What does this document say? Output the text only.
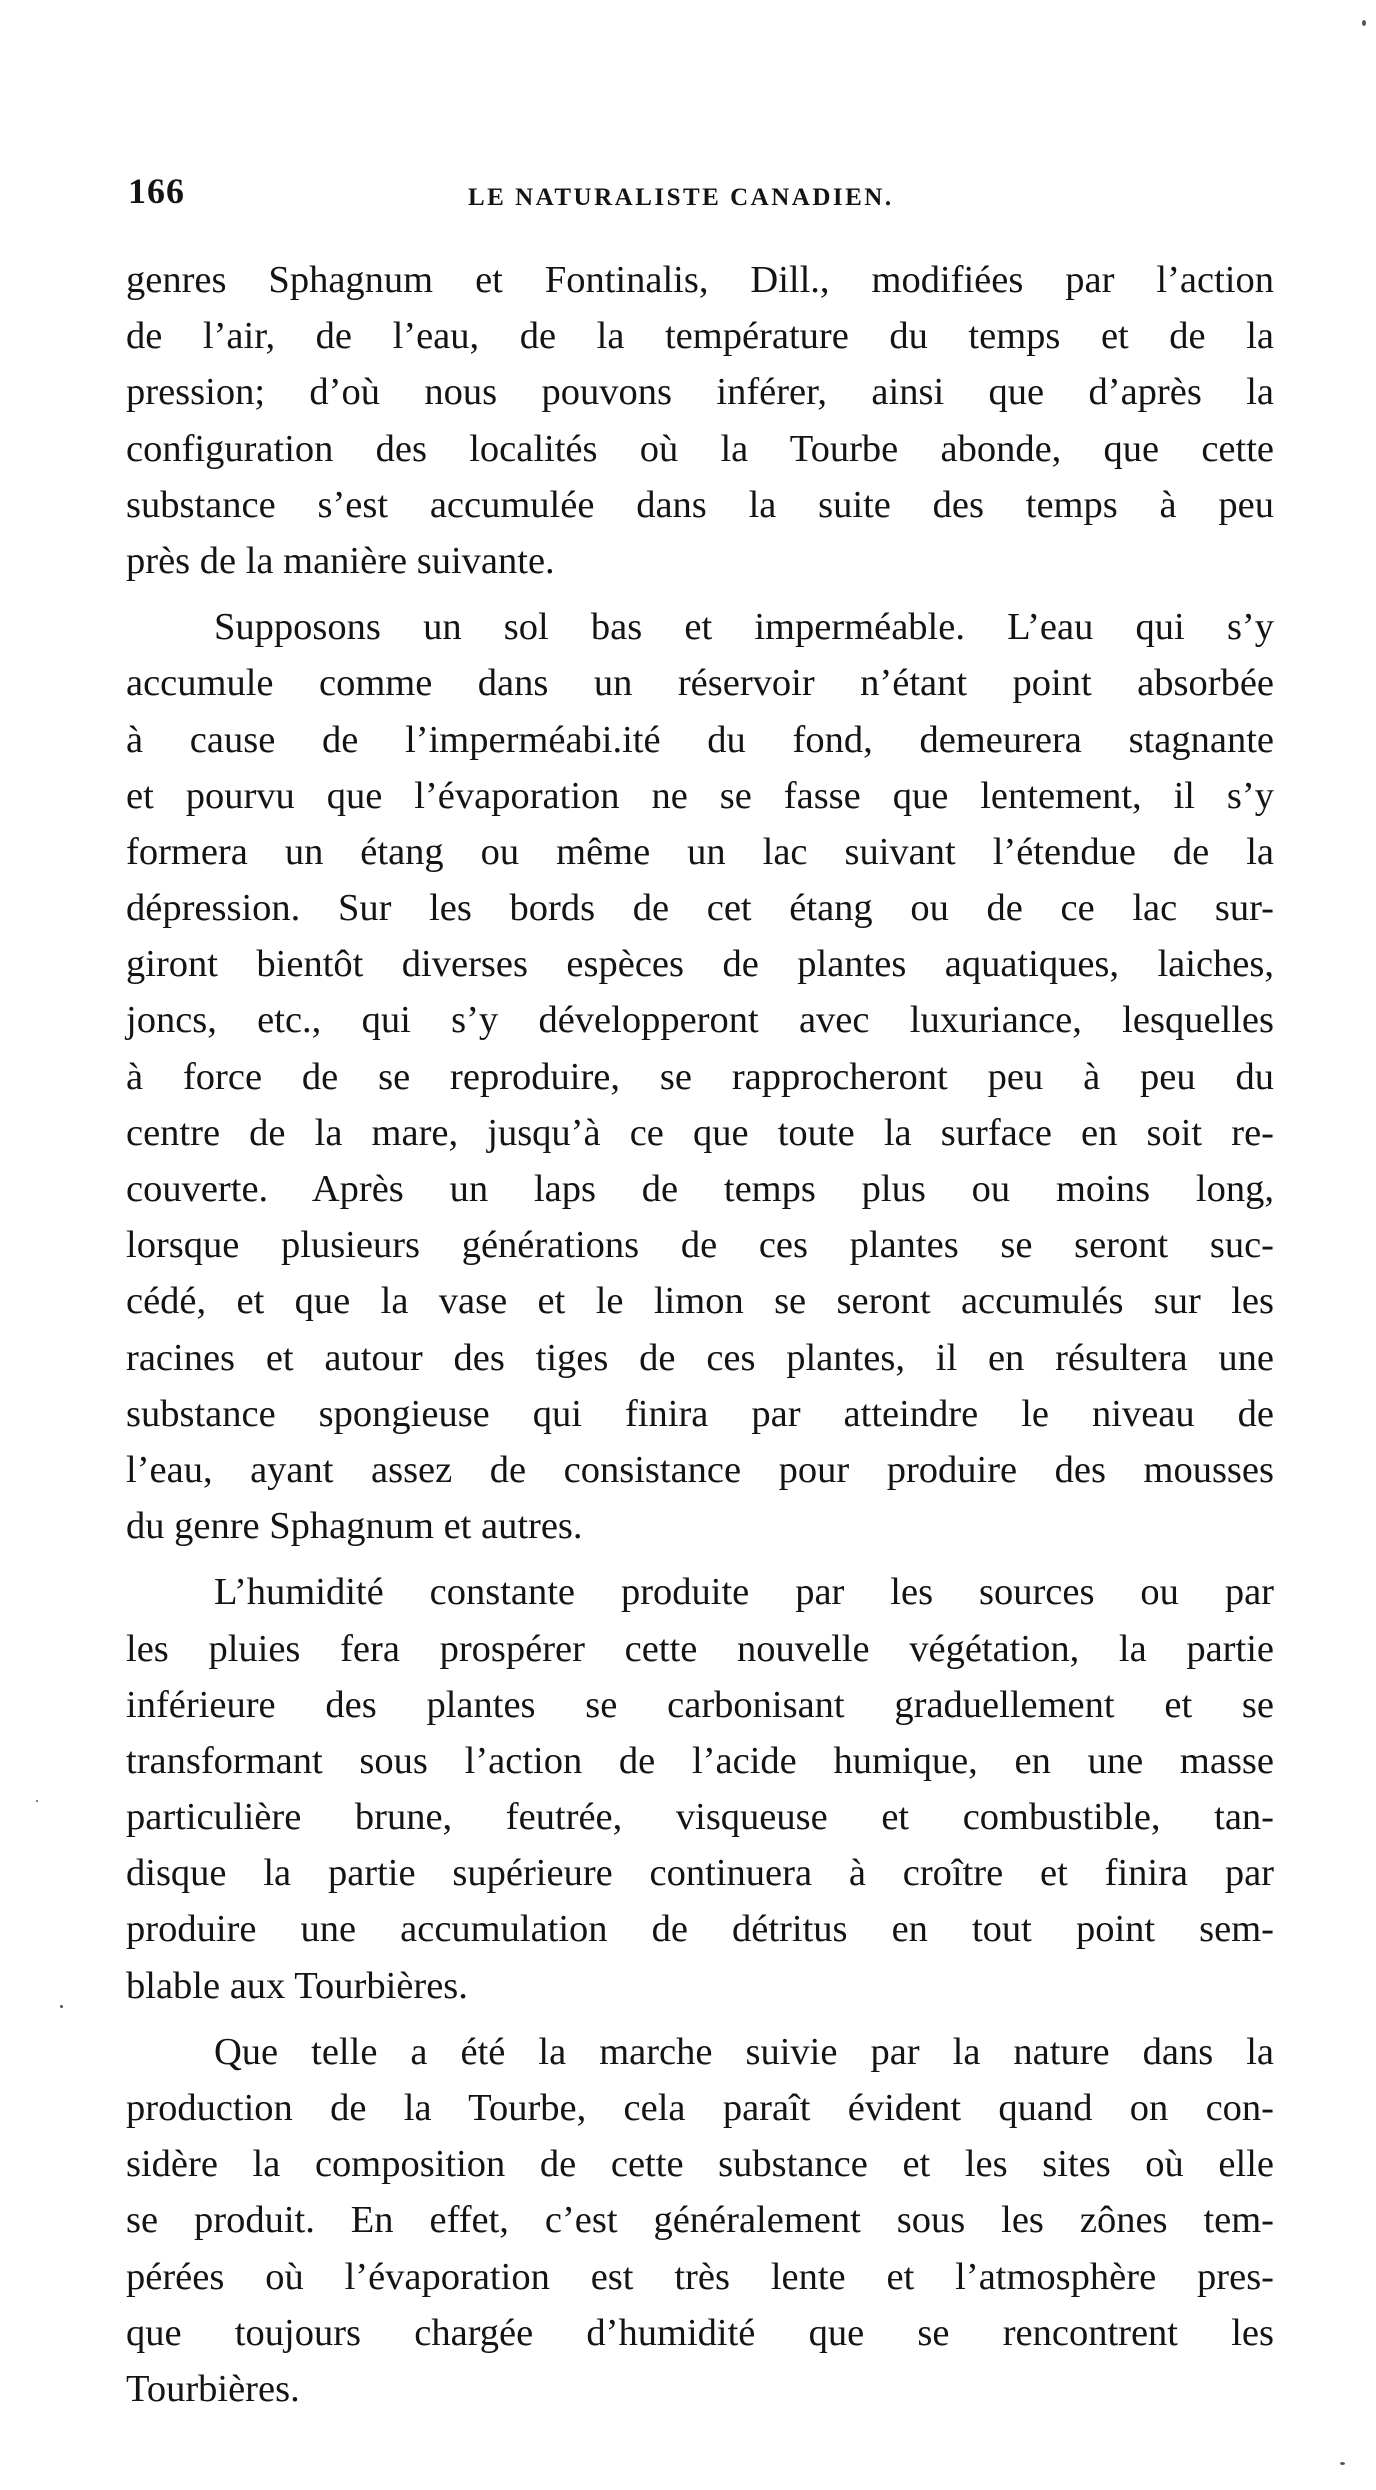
166	LE NATURALISTE CANADIEN.
genres Sphagnum et Fontinalis, Dill., modifiées par l’action
de l’air, de l’eau, de la température du temps et de la
pression; d’où nous pouvons inférer, ainsi que d’après la
configuration des localités où la Tourbe abonde, que cette
substance s’est accumulée dans la suite des temps à peu
près de la manière suivante.
Supposons un sol bas et imperméable. L’eau qui s’y
accumule comme dans un réservoir n’étant point absorbée
à cause de l’imperméabi.ité du fond, demeurera stagnante
et pourvu que l’évaporation ne se fasse que lentement, il s’y
formera un étang ou même un lac suivant l’étendue de la
dépression. Sur les bords de cet étang ou de ce lac sur-
giront bientôt diverses espèces de plantes aquatiques, laiches,
joncs, etc., qui s’y développeront avec luxuriance, lesquelles
à force de se reproduire, se rapprocheront peu à peu du
centre de la mare, jusqu’à ce que toute la surface en soit re-
couverte. Après un laps de temps plus ou moins long,
lorsque plusieurs générations de ces plantes se seront suc-
cédé, et que la vase et le limon se seront accumulés sur les
racines et autour des tiges de ces plantes, il en résultera une
substance spongieuse qui finira par atteindre le niveau de
l’eau, ayant assez de consistance pour produire des mousses
du genre Sphagnum et autres.
L’humidité constante produite par les sources ou par
les pluies fera prospérer cette nouvelle végétation, la partie
inférieure des plantes se carbonisant graduellement et se
transformant sous l’action de l’acide humique, en une masse
particulière brune, feutrée, visqueuse et combustible, tan-
disque la partie supérieure continuera à croître et finira par
produire une accumulation de détritus en tout point sem-
blable aux Tourbières.
Que telle a été la marche suivie par la nature dans la
production de la Tourbe, cela paraît évident quand on con-
sidère la composition de cette substance et les sites où elle
se produit. En effet, c’est généralement sous les zônes tem-
pérées où l’évaporation est très lente et l’atmosphère pres-
que toujours chargée d’humidité que se rencontrent les
Tourbières.
